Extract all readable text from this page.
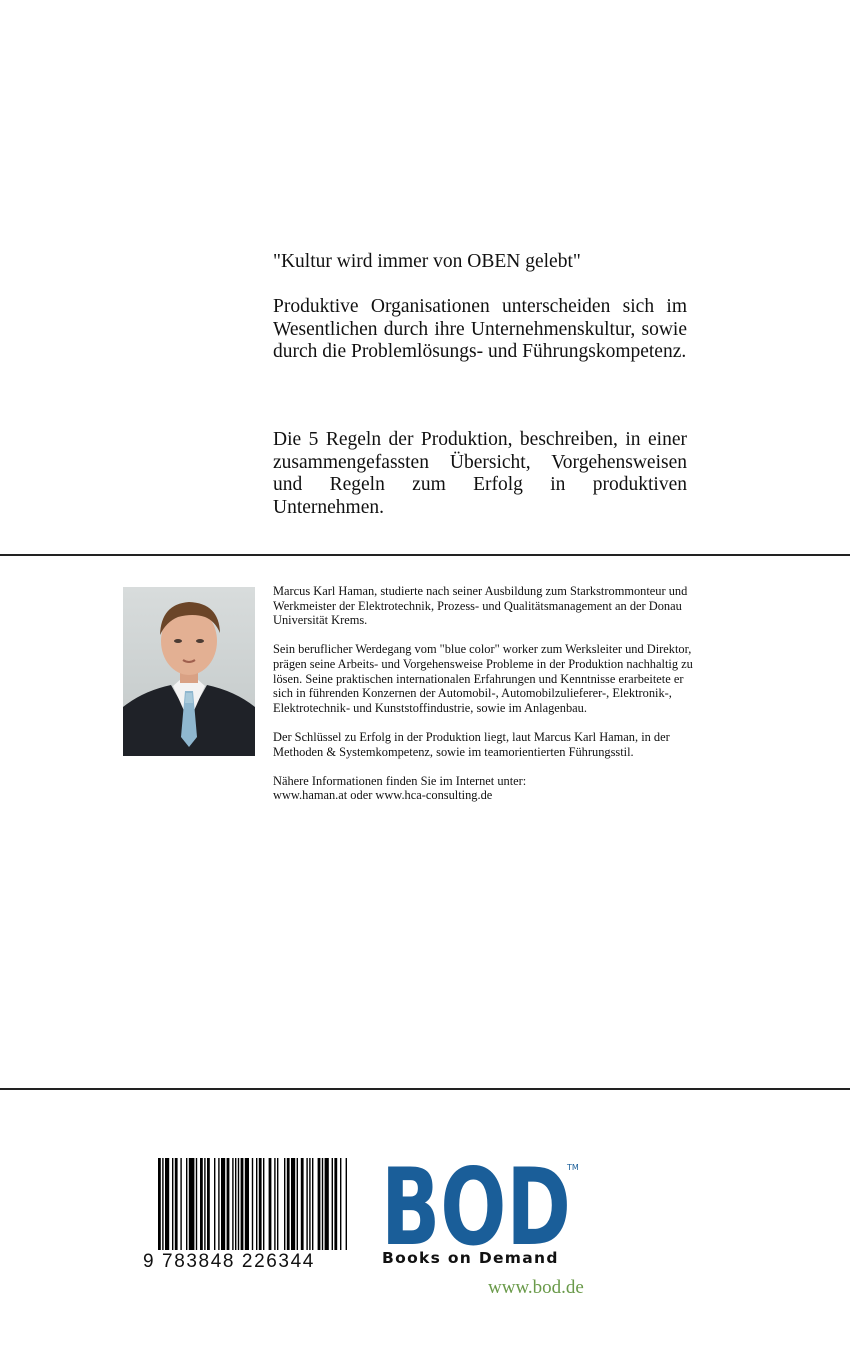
"Kultur wird immer von OBEN gelebt"

Produktive Organisationen unterscheiden sich im Wesentlichen durch ihre Unternehmenskultur, sowie durch die Problemlösungs- und Führungskompetenz.

Die 5 Regeln der Produktion, beschreiben, in einer zusammengefassten Übersicht, Vorgehensweisen und Regeln zum Erfolg in produktiven Unternehmen.

Marcus Karl Haman, studierte nach seiner Ausbildung zum Starkstrommonteur und Werkmeister der Elektrotechnik, Prozess- und Qualitätsmanagement an der Donau Universität Krems.

Sein beruflicher Werdegang vom "blue color" worker zum Werksleiter und Direktor, prägen seine Arbeits- und Vorgehensweise Probleme in der Produktion nachhaltig zu lösen. Seine praktischen internationalen Erfahrungen und Kenntnisse erarbeitete er sich in führenden Konzernen der Automobil-, Automobilzulieferer-, Elektronik-, Elektrotechnik- und Kunststoffindustrie, sowie im Anlagenbau.

Der Schlüssel zu Erfolg in der Produktion liegt, laut Marcus Karl Haman, in der Methoden & Systemkompetenz, sowie im teamorientierten Führungsstil.

Nähere Informationen finden Sie im Internet unter:
www.haman.at oder www.hca-consulting.de

9 783848 226344 BOD
TM
Books on Demand
www.bod.de
